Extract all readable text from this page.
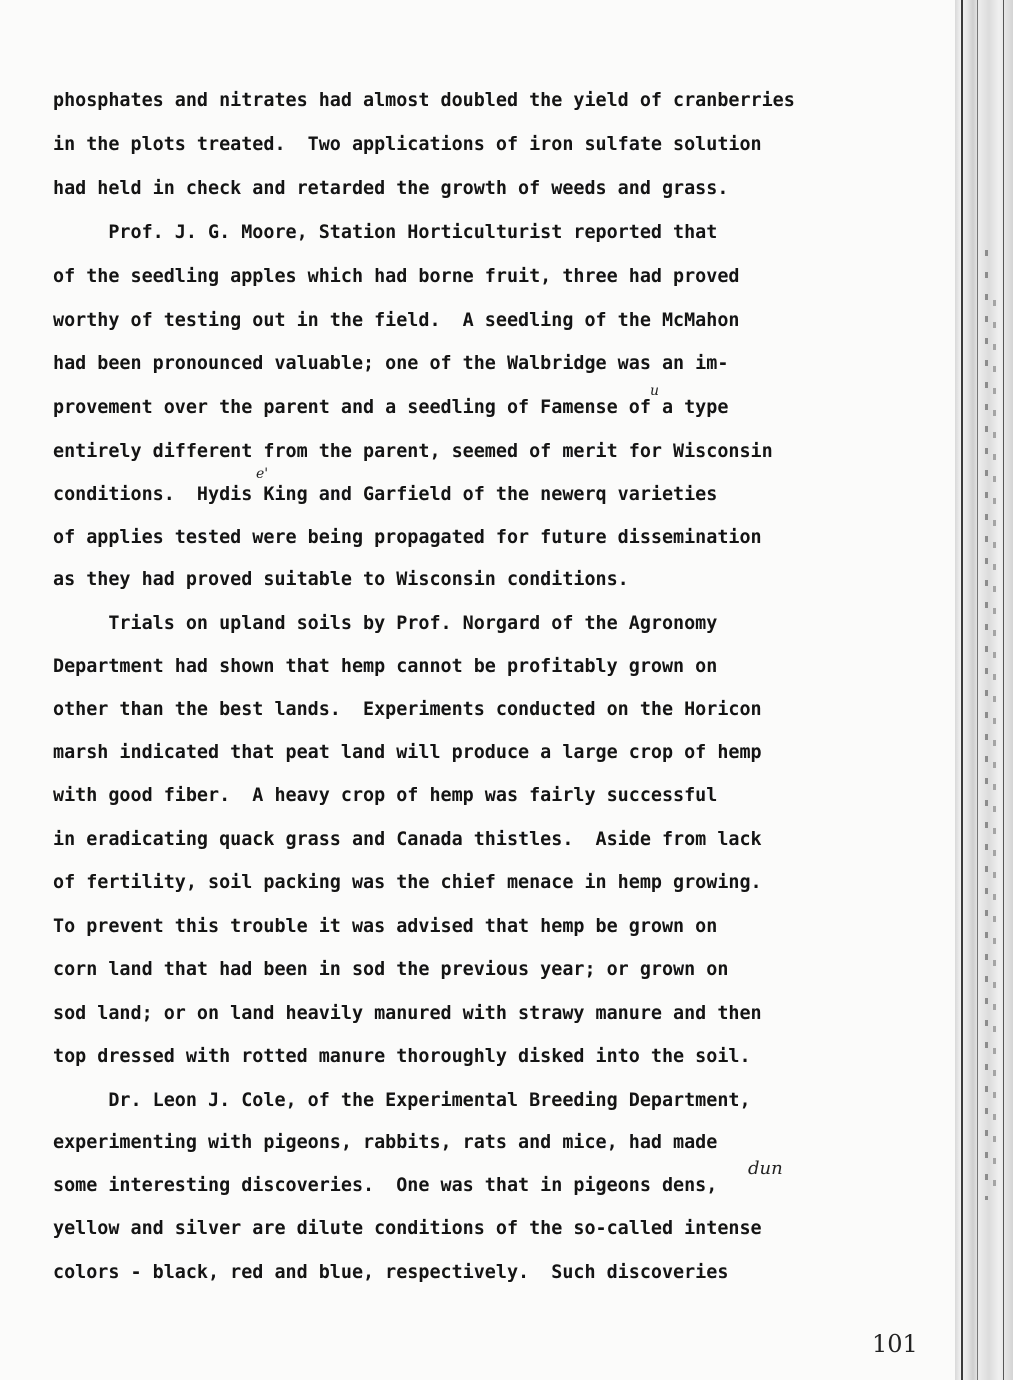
phosphates and nitrates had almost doubled the yield of cranberries
in the plots treated.  Two applications of iron sulfate solution
had held in check and retarded the growth of weeds and grass.
Prof. J. G. Moore, Station Horticulturist reported that
of the seedling apples which had borne fruit, three had proved
worthy of testing out in the field.  A seedling of the McMahon
had been pronounced valuable; one of the Walbridge was an im-
provement over the parent and a seedling of Famense of a type
entirely different from the parent, seemed of merit for Wisconsin
conditions.  Hydis King and Garfield of the newerq varieties
of applies tested were being propagated for future dissemination
as they had proved suitable to Wisconsin conditions.
Trials on upland soils by Prof. Norgard of the Agronomy
Department had shown that hemp cannot be profitably grown on
other than the best lands.  Experiments conducted on the Horicon
marsh indicated that peat land will produce a large crop of hemp
with good fiber.  A heavy crop of hemp was fairly successful
in eradicating quack grass and Canada thistles.  Aside from lack
of fertility, soil packing was the chief menace in hemp growing.
To prevent this trouble it was advised that hemp be grown on
corn land that had been in sod the previous year; or grown on
sod land; or on land heavily manured with strawy manure and then
top dressed with rotted manure thoroughly disked into the soil.
Dr. Leon J. Cole, of the Experimental Breeding Department,
experimenting with pigeons, rabbits, rats and mice, had made
some interesting discoveries.  One was that in pigeons dens,
yellow and silver are dilute conditions of the so-called intense
colors - black, red and blue, respectively.  Such discoveries
u
e'
dun
101
